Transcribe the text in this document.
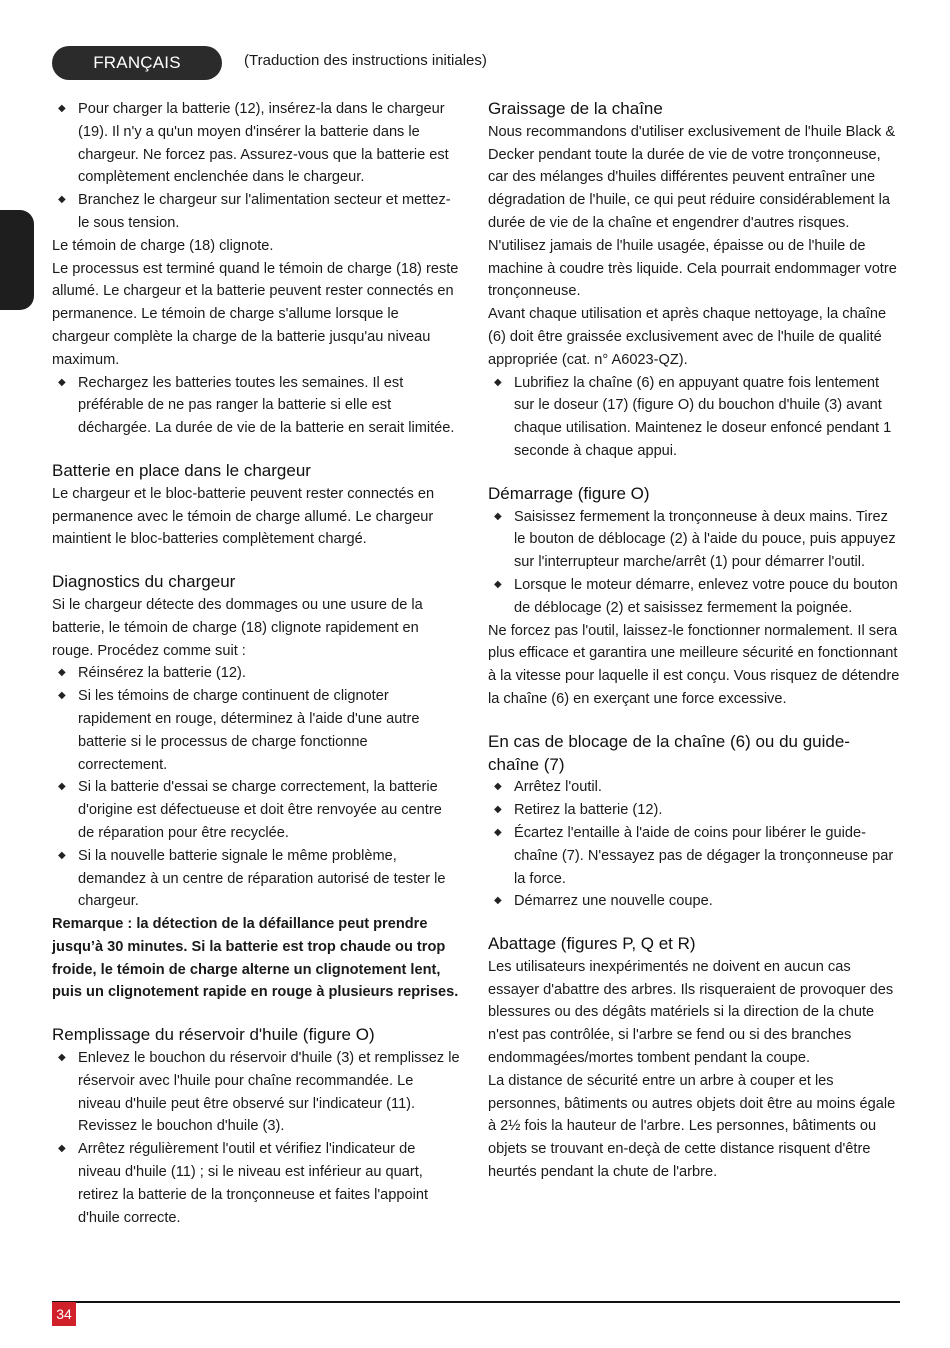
FRANÇAIS	(Traduction des instructions initiales)
◆ Pour charger la batterie (12), insérez-la dans le chargeur (19). Il n'y a qu'un moyen d'insérer la batterie dans le chargeur. Ne forcez pas. Assurez-vous que la batterie est complètement enclenchée dans le chargeur.
◆ Branchez le chargeur sur l'alimentation secteur et mettez-le sous tension.
Le témoin de charge (18) clignote.
Le processus est terminé quand le témoin de charge (18) reste allumé. Le chargeur et la batterie peuvent rester connectés en permanence. Le témoin de charge s'allume lorsque le chargeur complète la charge de la batterie jusqu'au niveau maximum.
◆ Rechargez les batteries toutes les semaines. Il est préférable de ne pas ranger la batterie si elle est déchargée. La durée de vie de la batterie en serait limitée.
Batterie en place dans le chargeur
Le chargeur et le bloc-batterie peuvent rester connectés en permanence avec le témoin de charge allumé. Le chargeur maintient le bloc-batteries complètement chargé.
Diagnostics du chargeur
Si le chargeur détecte des dommages ou une usure de la batterie, le témoin de charge (18) clignote rapidement en rouge. Procédez comme suit :
◆ Réinsérez la batterie (12).
◆ Si les témoins de charge continuent de clignoter rapidement en rouge, déterminez à l'aide d'une autre batterie si le processus de charge fonctionne correctement.
◆ Si la batterie d'essai se charge correctement, la batterie d'origine est défectueuse et doit être renvoyée au centre de réparation pour être recyclée.
◆ Si la nouvelle batterie signale le même problème, demandez à un centre de réparation autorisé de tester le chargeur.
Remarque : la détection de la défaillance peut prendre jusqu’à 30 minutes. Si la batterie est trop chaude ou trop froide, le témoin de charge alterne un clignotement lent, puis un clignotement rapide en rouge à plusieurs reprises.
Remplissage du réservoir d'huile (figure O)
◆ Enlevez le bouchon du réservoir d'huile (3) et remplissez le réservoir avec l'huile pour chaîne recommandée. Le niveau d'huile peut être observé sur l'indicateur (11). Revissez le bouchon d'huile (3).
◆ Arrêtez régulièrement l'outil et vérifiez l'indicateur de niveau d'huile (11) ; si le niveau est inférieur au quart, retirez la batterie de la tronçonneuse et faites l'appoint d'huile correcte.
Graissage de la chaîne
Nous recommandons d'utiliser exclusivement de l'huile Black & Decker pendant toute la durée de vie de votre tronçonneuse, car des mélanges d'huiles différentes peuvent entraîner une dégradation de l'huile, ce qui peut réduire considérablement la durée de vie de la chaîne et engendrer d'autres risques.
N'utilisez jamais de l'huile usagée, épaisse ou de l'huile de machine à coudre très liquide. Cela pourrait endommager votre tronçonneuse.
Avant chaque utilisation et après chaque nettoyage, la chaîne (6) doit être graissée exclusivement avec de l'huile de qualité appropriée (cat. n° A6023-QZ).
◆ Lubrifiez la chaîne (6) en appuyant quatre fois lentement sur le doseur (17) (figure O) du bouchon d'huile (3) avant chaque utilisation. Maintenez le doseur enfoncé pendant 1 seconde à chaque appui.
Démarrage (figure O)
◆ Saisissez fermement la tronçonneuse à deux mains. Tirez le bouton de déblocage (2) à l'aide du pouce, puis appuyez sur l'interrupteur marche/arrêt (1) pour démarrer l'outil.
◆ Lorsque le moteur démarre, enlevez votre pouce du bouton de déblocage (2) et saisissez fermement la poignée.
Ne forcez pas l'outil, laissez-le fonctionner normalement. Il sera plus efficace et garantira une meilleure sécurité en fonctionnant à la vitesse pour laquelle il est conçu. Vous risquez de détendre la chaîne (6) en exerçant une force excessive.
En cas de blocage de la chaîne (6) ou du guide-chaîne (7)
◆ Arrêtez l'outil.
◆ Retirez la batterie (12).
◆ Écartez l'entaille à l'aide de coins pour libérer le guide-chaîne (7). N'essayez pas de dégager la tronçonneuse par la force.
◆ Démarrez une nouvelle coupe.
Abattage (figures P, Q et R)
Les utilisateurs inexpérimentés ne doivent en aucun cas essayer d'abattre des arbres. Ils risqueraient de provoquer des blessures ou des dégâts matériels si la direction de la chute n'est pas contrôlée, si l'arbre se fend ou si des branches endommagées/mortes tombent pendant la coupe.
La distance de sécurité entre un arbre à couper et les personnes, bâtiments ou autres objets doit être au moins égale à 2½ fois la hauteur de l'arbre. Les personnes, bâtiments ou objets se trouvant en-deçà de cette distance risquent d'être heurtés pendant la chute de l'arbre.
34
